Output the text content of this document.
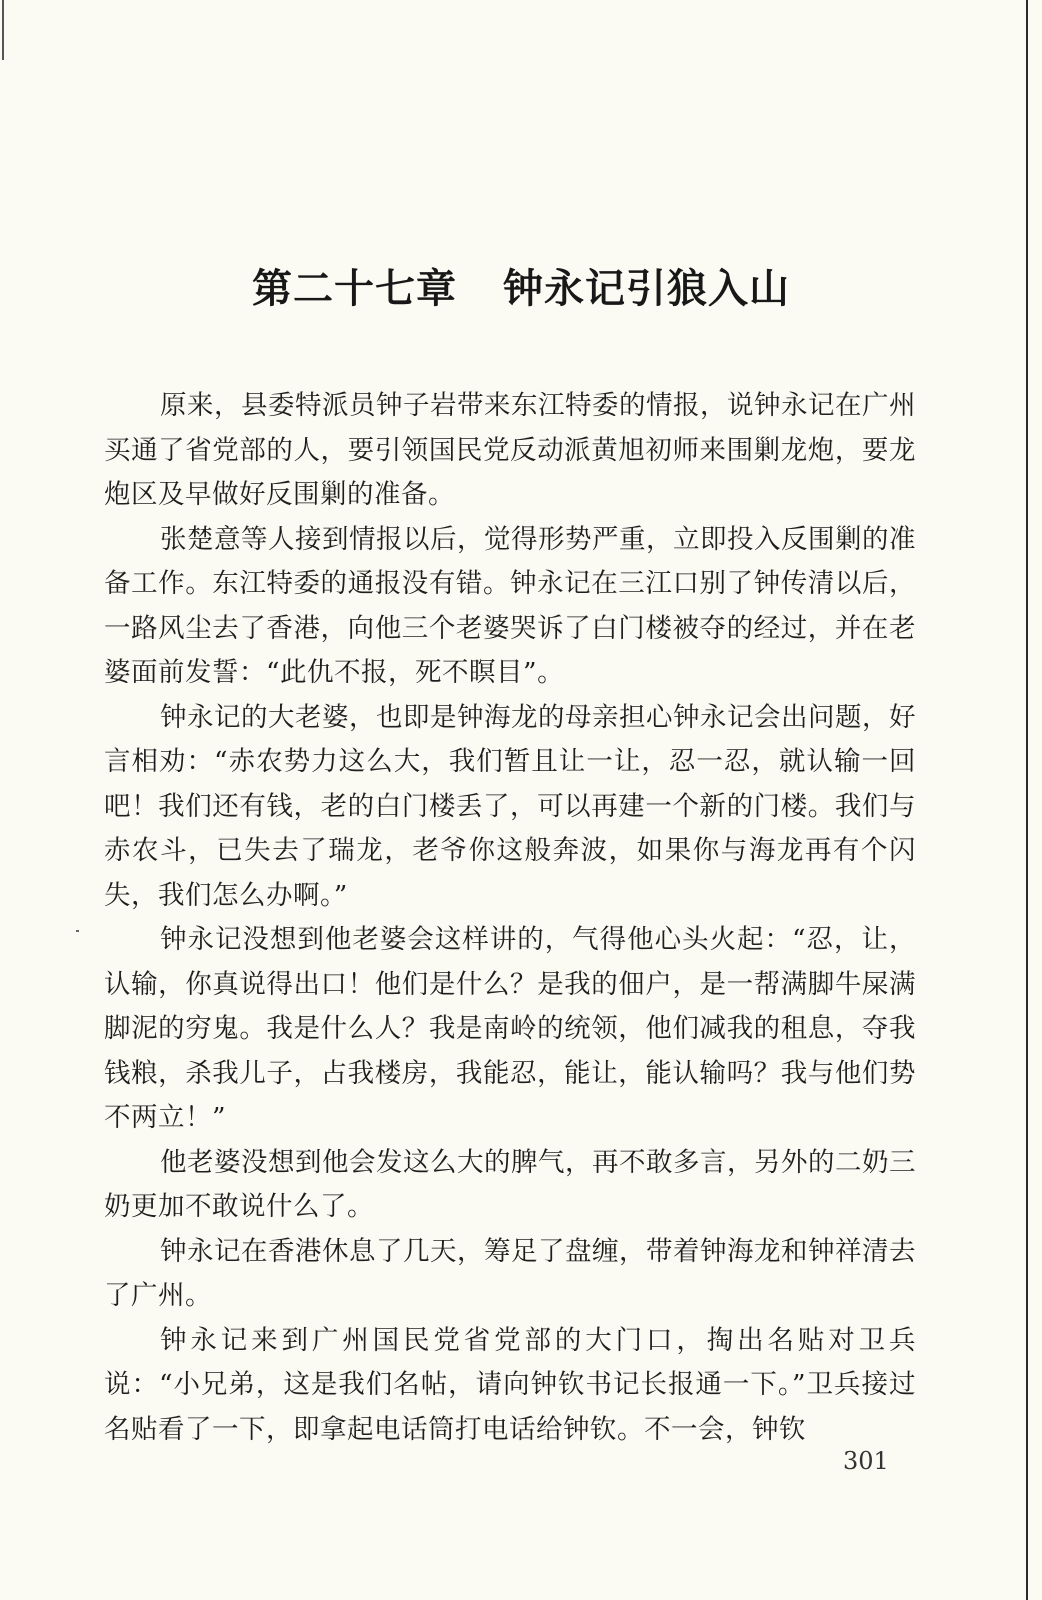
第二十七章 钟永记引狼入山

原来，县委特派员钟子岩带来东江特委的情报，说钟永记在广州买通了省党部的人，要引领国民党反动派黄旭初师来围剿龙炮，要龙炮区及早做好反围剿的准备。

张楚意等人接到情报以后，觉得形势严重，立即投入反围剿的准备工作。东江特委的通报没有错。钟永记在三江口别了钟传清以后，一路风尘去了香港，向他三个老婆哭诉了白门楼被夺的经过，并在老婆面前发誓：“此仇不报，死不瞑目”。

钟永记的大老婆，也即是钟海龙的母亲担心钟永记会出问题，好言相劝：“赤农势力这么大，我们暂且让一让，忍一忍，就认输一回吧！我们还有钱，老的白门楼丢了，可以再建一个新的门楼。我们与赤农斗，已失去了瑞龙，老爷你这般奔波，如果你与海龙再有个闪失，我们怎么办啊。”

钟永记没想到他老婆会这样讲的，气得他心头火起：“忍，让，认输，你真说得出口！他们是什么？是我的佃户，是一帮满脚牛屎满脚泥的穷鬼。我是什么人？我是南岭的统领，他们减我的租息，夺我钱粮，杀我儿子，占我楼房，我能忍，能让，能认输吗？我与他们势不两立！”

他老婆没想到他会发这么大的脾气，再不敢多言，另外的二奶三奶更加不敢说什么了。

钟永记在香港休息了几天，筹足了盘缠，带着钟海龙和钟祥清去了广州。

钟永记来到广州国民党省党部的大门口，掏出名贴对卫兵说：“小兄弟，这是我们名帖，请向钟钦书记长报通一下。”卫兵接过名贴看了一下，即拿起电话筒打电话给钟钦。不一会，钟钦

301
